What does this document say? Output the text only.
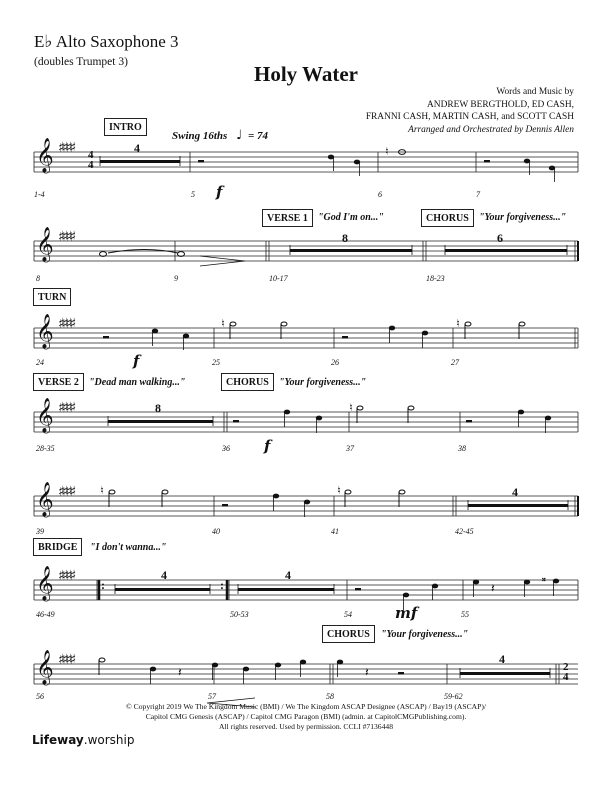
E♭ Alto Saxophone 3
(doubles Trumpet 3)	Holy Water
Words and Music by
ANDREW BERGTHOLD, ED CASH,
FRANNI CASH, MARTIN CASH, and SCOTT CASH
Arranged and Orchestrated by Dennis Allen
𝄞 ♯♯♯♯ 4
4
𝄞 ♯♯♯♯
𝄞 ♯♯♯♯
𝄞 ♯♯♯♯
𝄞 ♯♯♯♯
𝄞 ♯♯♯♯
𝄞 ♯♯♯♯	2
4
INTRO
Swing 16ths ♩ = 74
4
1-4	5	6	7
f
♮
VERSE 1	"God I'm on..."	CHORUS	"Your forgiveness..."
8	6
8	9	10-17	18-23
TURN
24	25	26	27
f
♮	♮
VERSE 2	"Dead man walking..."	CHORUS	"Your forgiveness..."
8
28-35	36	37	38
f
♮
4
39	40	41	42-45
♮	♮
BRIDGE	"I don't wanna..."
4	4
46-49	50-53	54	55
mf
:	:	𝄽
𝄪
CHORUS	"Your forgiveness..."
4
56	57	58	59-62
𝄽	𝄽
© Copyright 2019 We The Kingdom Music (BMI) / We The Kingdom ASCAP Designee (ASCAP) / Bay19 (ASCAP)/
Capitol CMG Genesis (ASCAP) / Capitol CMG Paragon (BMI) (admin. at CapitolCMGPublishing.com).
All rights reserved. Used by permission. CCLI #7136448
Lifeway.worship
